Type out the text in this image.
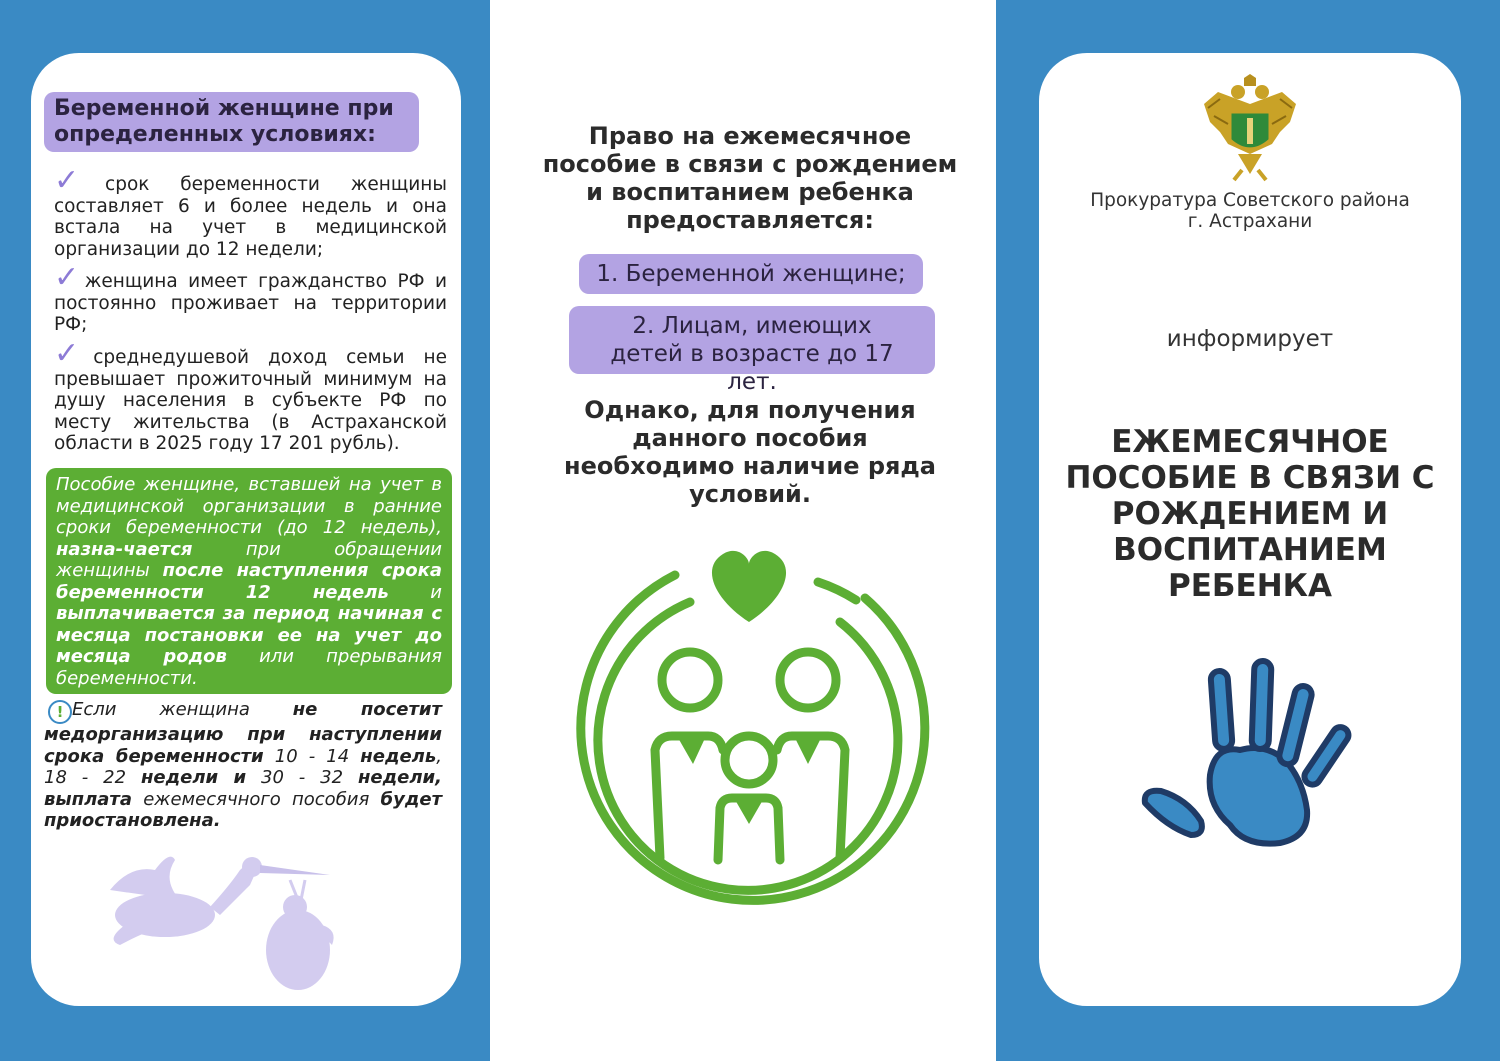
Беременной женщине при определенных условиях:
✓срок беременности женщины составляет 6 и более недель и она встала на учет в медицинской организации до 12 недели;
✓женщина имеет гражданство РФ и постоянно проживает на территории РФ;
✓среднедушевой доход семьи не превышает прожиточный минимум на душу населения в субъекте РФ по месту жительства (в Астраханской области в 2025 году 17 201 рубль).
Пособие женщине, вставшей на учет в медицинской организации в ранние сроки беременности (до 12 недель), назна-чается при обращении женщины после наступления срока беременности 12 недель и выплачивается за период начиная с месяца постановки ее на учет до месяца родов или прерывания беременности.
! Если женщина не посетит медорганизацию при наступлении срока беременности 10 - 14 недель, 18 - 22 недели и 30 - 32 недели, выплата ежемесячного пособия будет приостановлена.
Право на ежемесячное пособие в связи с рождением и воспитанием ребенка предоставляется:
1. Беременной женщине;
2. Лицам, имеющих детей в возрасте до 17 лет.
Однако, для получения данного пособия необходимо наличие ряда условий.
Прокуратура Советского района
г. Астрахани
информирует
ЕЖЕМЕСЯЧНОЕ ПОСОБИЕ В СВЯЗИ С РОЖДЕНИЕМ И ВОСПИТАНИЕМ РЕБЕНКА
